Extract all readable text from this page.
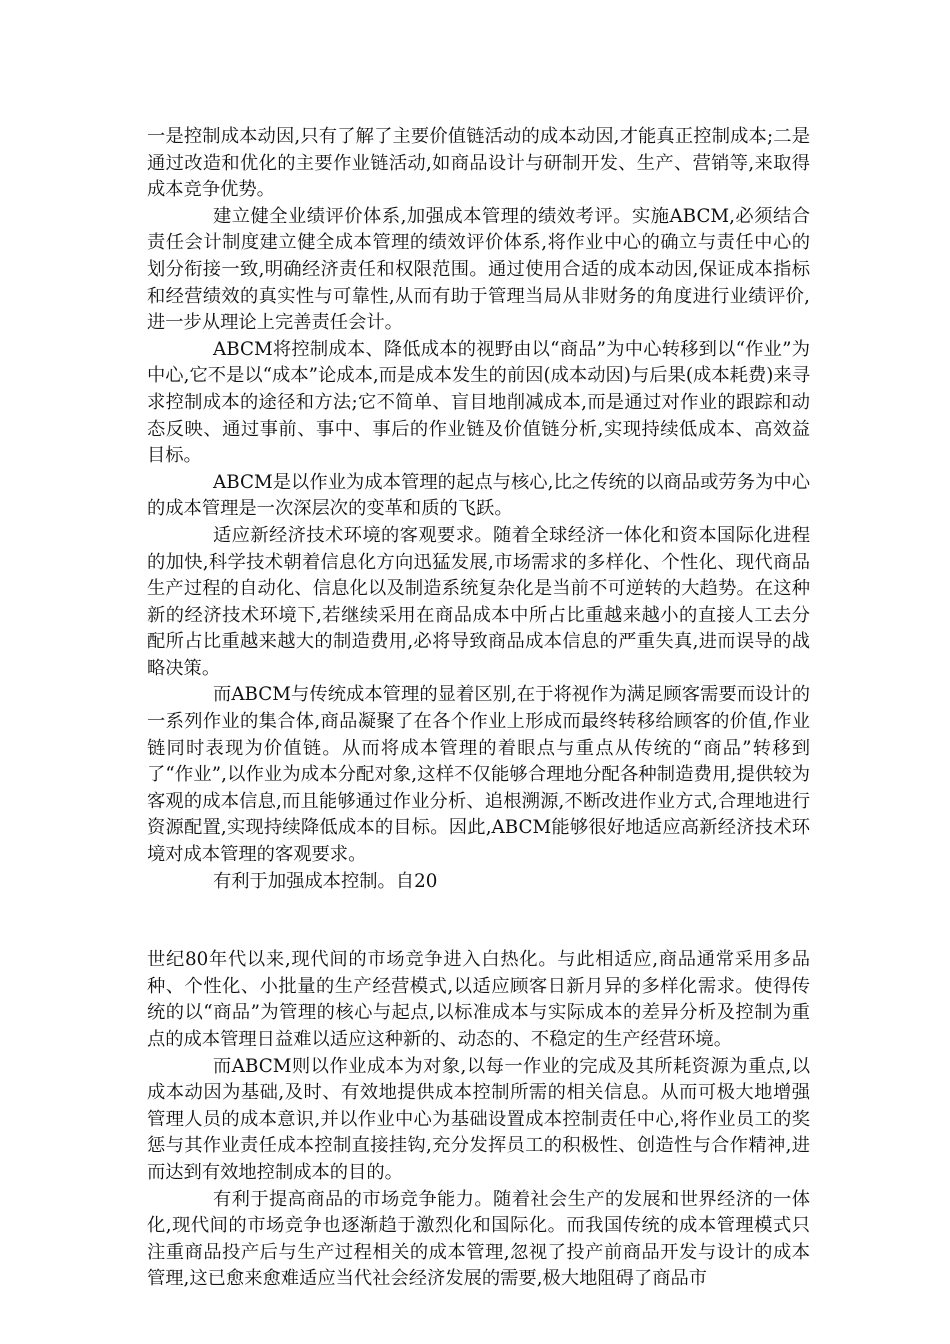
一是控制成本动因,只有了解了主要价值链活动的成本动因,才能真正控制成本;二是通过改造和优化的主要作业链活动,如商品设计与研制开发、生产、营销等,来取得成本竞争优势。

建立健全业绩评价体系,加强成本管理的绩效考评。实施ABCM,必须结合责任会计制度建立健全成本管理的绩效评价体系,将作业中心的确立与责任中心的划分衔接一致,明确经济责任和权限范围。通过使用合适的成本动因,保证成本指标和经营绩效的真实性与可靠性,从而有助于管理当局从非财务的角度进行业绩评价,进一步从理论上完善责任会计。

ABCM将控制成本、降低成本的视野由以“商品”为中心转移到以“作业”为中心,它不是以“成本”论成本,而是成本发生的前因(成本动因)与后果(成本耗费)来寻求控制成本的途径和方法;它不简单、盲目地削减成本,而是通过对作业的跟踪和动态反映、通过事前、事中、事后的作业链及价值链分析,实现持续低成本、高效益目标。

ABCM是以作业为成本管理的起点与核心,比之传统的以商品或劳务为中心的成本管理是一次深层次的变革和质的飞跃。

适应新经济技术环境的客观要求。随着全球经济一体化和资本国际化进程的加快,科学技术朝着信息化方向迅猛发展,市场需求的多样化、个性化、现代商品生产过程的自动化、信息化以及制造系统复杂化是当前不可逆转的大趋势。在这种新的经济技术环境下,若继续采用在商品成本中所占比重越来越小的直接人工去分配所占比重越来越大的制造费用,必将导致商品成本信息的严重失真,进而误导的战略决策。

而ABCM与传统成本管理的显着区别,在于将视作为满足顾客需要而设计的一系列作业的集合体,商品凝聚了在各个作业上形成而最终转移给顾客的价值,作业链同时表现为价值链。从而将成本管理的着眼点与重点从传统的“商品”转移到了“作业”,以作业为成本分配对象,这样不仅能够合理地分配各种制造费用,提供较为客观的成本信息,而且能够通过作业分析、追根溯源,不断改进作业方式,合理地进行资源配置,实现持续降低成本的目标。因此,ABCM能够很好地适应高新经济技术环境对成本管理的客观要求。

有利于加强成本控制。自20

世纪80年代以来,现代间的市场竞争进入白热化。与此相适应,商品通常采用多品种、个性化、小批量的生产经营模式,以适应顾客日新月异的多样化需求。使得传统的以“商品”为管理的核心与起点,以标准成本与实际成本的差异分析及控制为重点的成本管理日益难以适应这种新的、动态的、不稳定的生产经营环境。

而ABCM则以作业成本为对象,以每一作业的完成及其所耗资源为重点,以成本动因为基础,及时、有效地提供成本控制所需的相关信息。从而可极大地增强管理人员的成本意识,并以作业中心为基础设置成本控制责任中心,将作业员工的奖惩与其作业责任成本控制直接挂钩,充分发挥员工的积极性、创造性与合作精神,进而达到有效地控制成本的目的。

有利于提高商品的市场竞争能力。随着社会生产的发展和世界经济的一体化,现代间的市场竞争也逐渐趋于激烈化和国际化。而我国传统的成本管理模式只注重商品投产后与生产过程相关的成本管理,忽视了投产前商品开发与设计的成本管理,这已愈来愈难适应当代社会经济发展的需要,极大地阻碍了商品市
